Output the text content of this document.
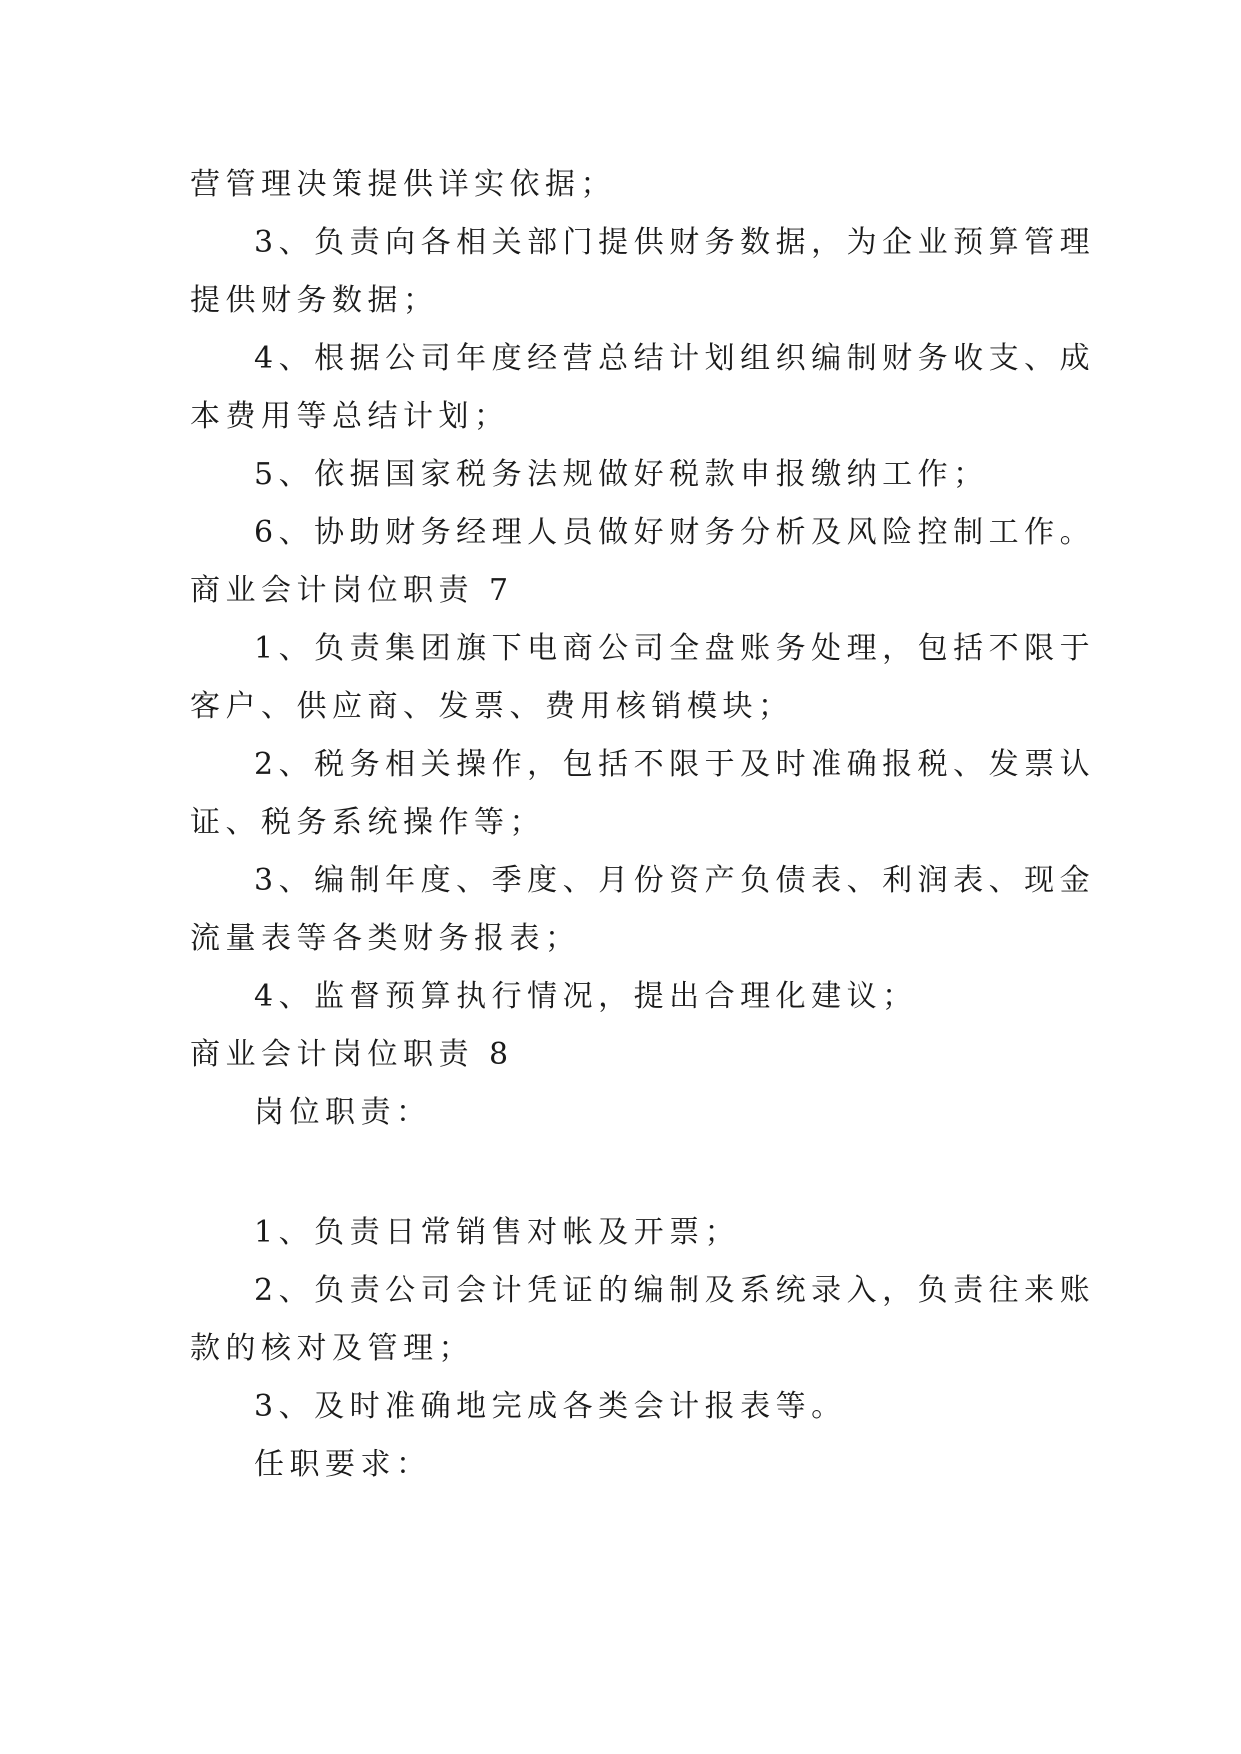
营管理决策提供详实依据；
3、负责向各相关部门提供财务数据，为企业预算管理
提供财务数据；
4、根据公司年度经营总结计划组织编制财务收支、成
本费用等总结计划；
5、依据国家税务法规做好税款申报缴纳工作；
6、协助财务经理人员做好财务分析及风险控制工作。
商业会计岗位职责 7
1、负责集团旗下电商公司全盘账务处理，包括不限于
客户、供应商、发票、费用核销模块；
2、税务相关操作，包括不限于及时准确报税、发票认
证、税务系统操作等；
3、编制年度、季度、月份资产负债表、利润表、现金
流量表等各类财务报表；
4、监督预算执行情况，提出合理化建议；
商业会计岗位职责 8
岗位职责：
1、负责日常销售对帐及开票；
2、负责公司会计凭证的编制及系统录入，负责往来账
款的核对及管理；
3、及时准确地完成各类会计报表等。
任职要求：
